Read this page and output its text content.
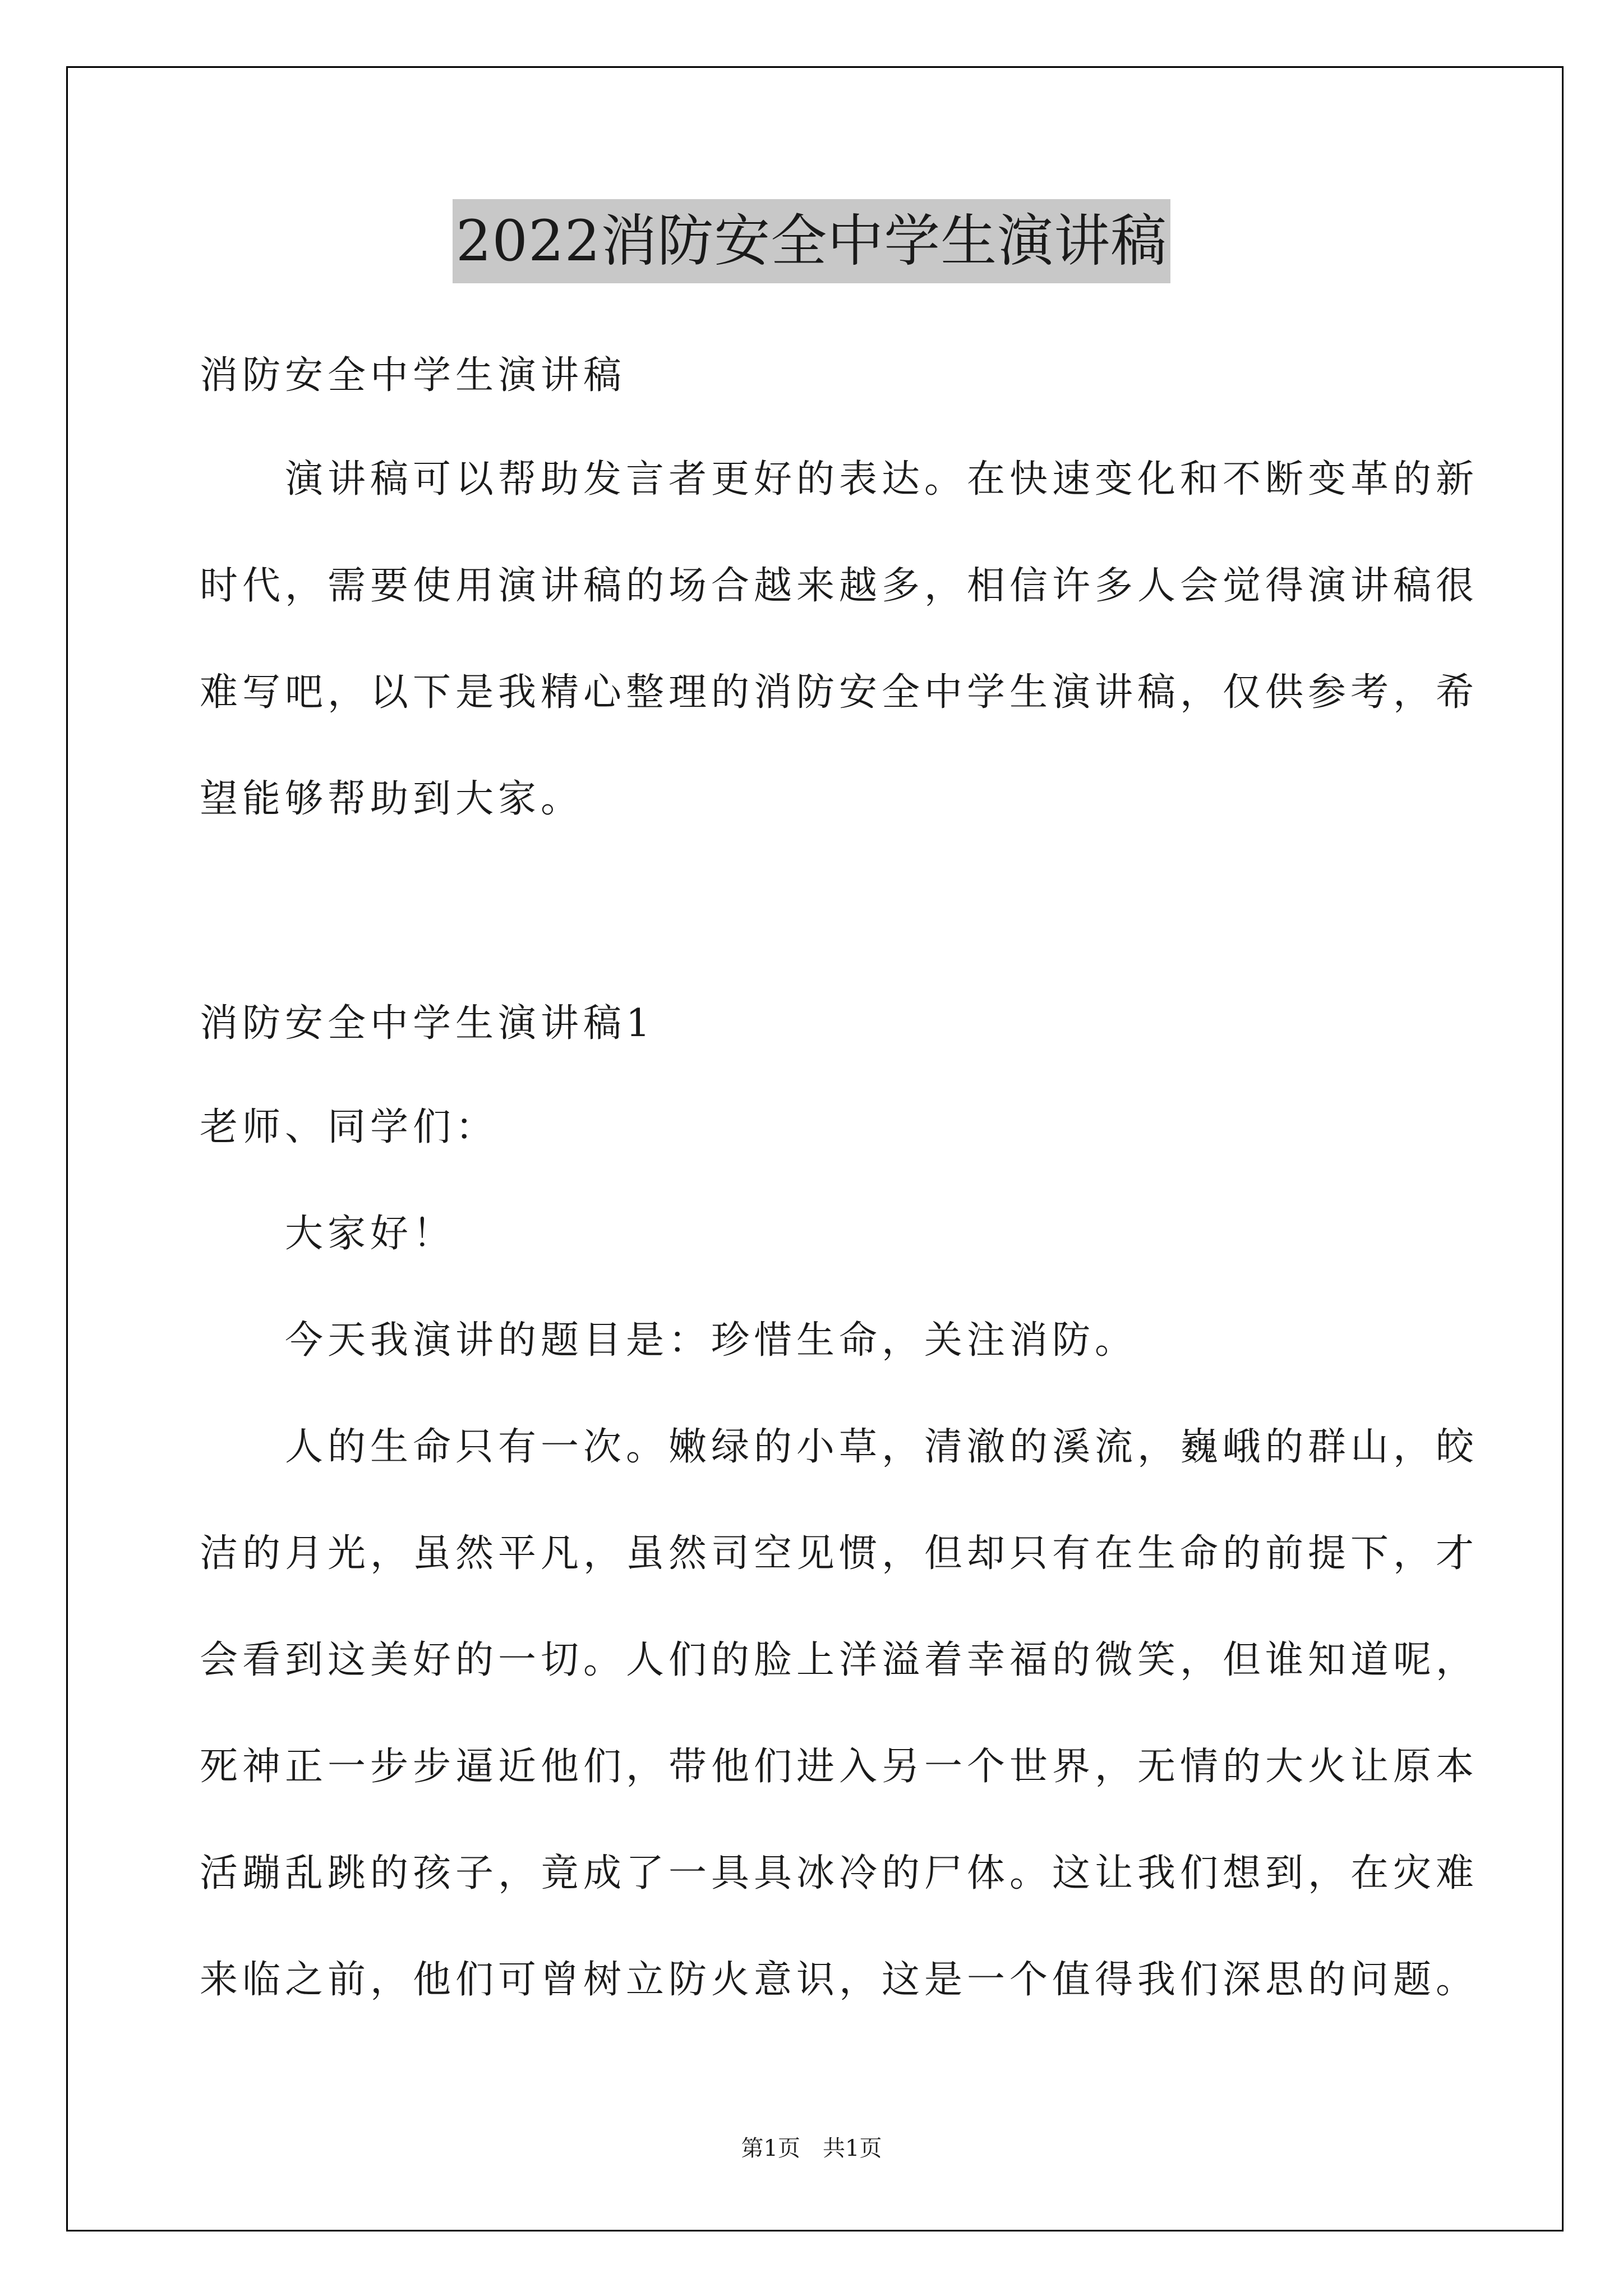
2022消防安全中学生演讲稿
消防安全中学生演讲稿
　　演讲稿可以帮助发言者更好的表达。在快速变化和不断变革的新
时代，需要使用演讲稿的场合越来越多，相信许多人会觉得演讲稿很
难写吧，以下是我精心整理的消防安全中学生演讲稿，仅供参考，希
望能够帮助到大家。
消防安全中学生演讲稿1
老师、同学们：
　　大家好！
　　今天我演讲的题目是：珍惜生命，关注消防。
　　人的生命只有一次。嫩绿的小草，清澈的溪流，巍峨的群山，皎
洁的月光，虽然平凡，虽然司空见惯，但却只有在生命的前提下，才
会看到这美好的一切。人们的脸上洋溢着幸福的微笑，但谁知道呢，
死神正一步步逼近他们，带他们进入另一个世界，无情的大火让原本
活蹦乱跳的孩子，竟成了一具具冰冷的尸体。这让我们想到，在灾难
来临之前，他们可曾树立防火意识，这是一个值得我们深思的问题。
第1页　共1页
